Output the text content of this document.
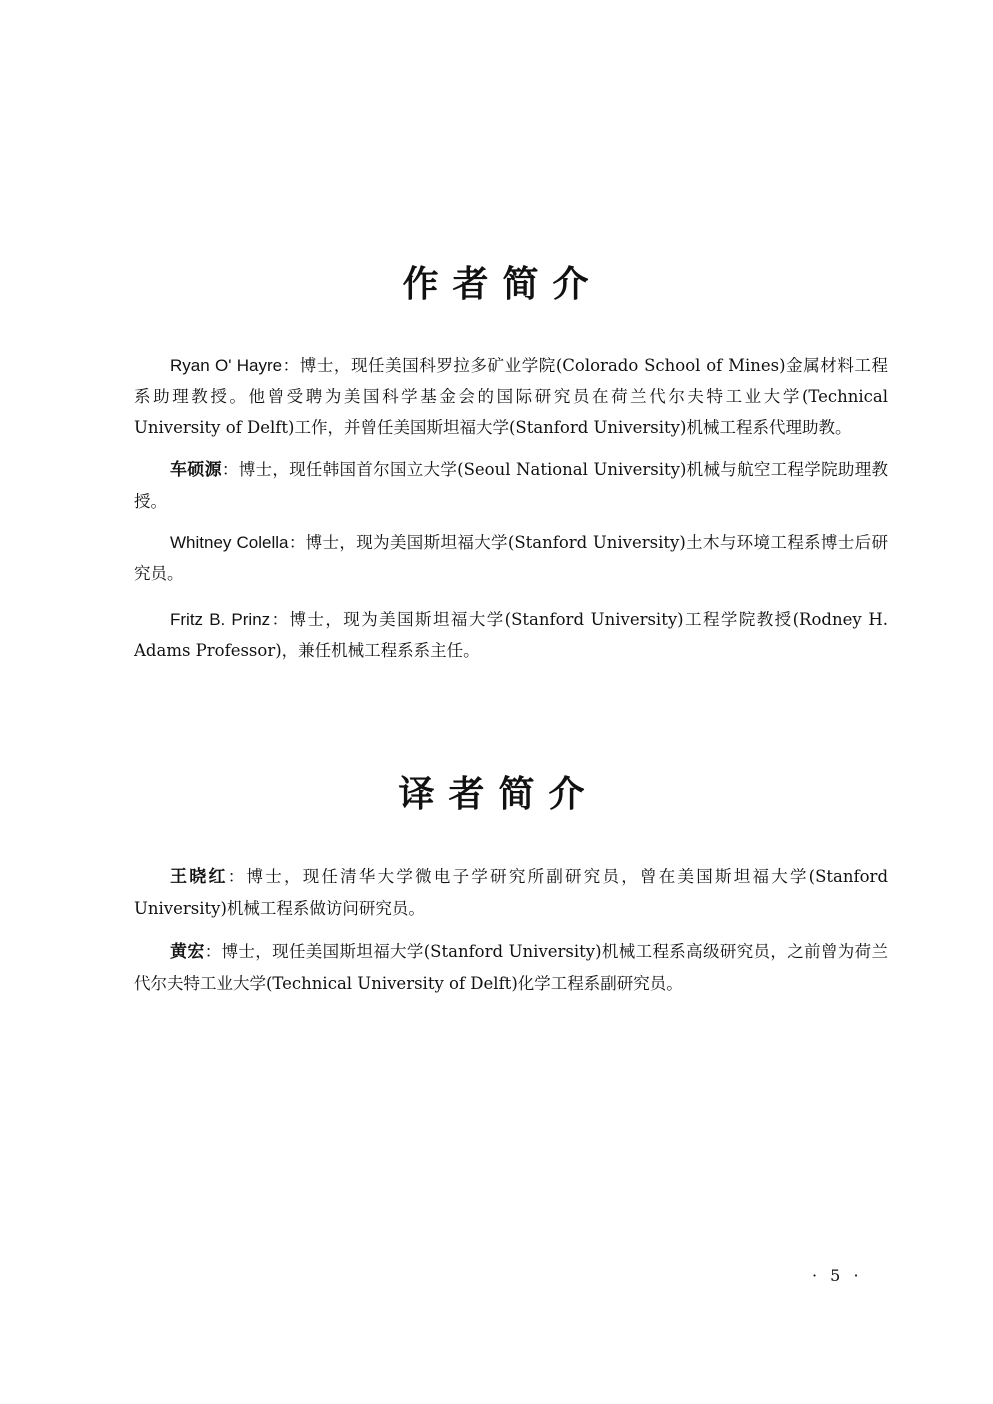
作者简介

Ryan O' Hayre：博士，现任美国科罗拉多矿业学院(Colorado School of Mines)金属材料工程系助理教授。他曾受聘为美国科学基金会的国际研究员在荷兰代尔夫特工业大学(Technical University of Delft)工作，并曾任美国斯坦福大学(Stanford University)机械工程系代理助教。

车硕源：博士，现任韩国首尔国立大学(Seoul National University)机械与航空工程学院助理教授。

Whitney Colella：博士，现为美国斯坦福大学(Stanford University)土木与环境工程系博士后研究员。

Fritz B. Prinz：博士，现为美国斯坦福大学(Stanford University)工程学院教授(Rodney H. Adams Professor)，兼任机械工程系系主任。

译者简介

王晓红：博士，现任清华大学微电子学研究所副研究员，曾在美国斯坦福大学(Stanford University)机械工程系做访问研究员。

黄宏：博士，现任美国斯坦福大学(Stanford University)机械工程系高级研究员，之前曾为荷兰代尔夫特工业大学(Technical University of Delft)化学工程系副研究员。

· 5 ·
